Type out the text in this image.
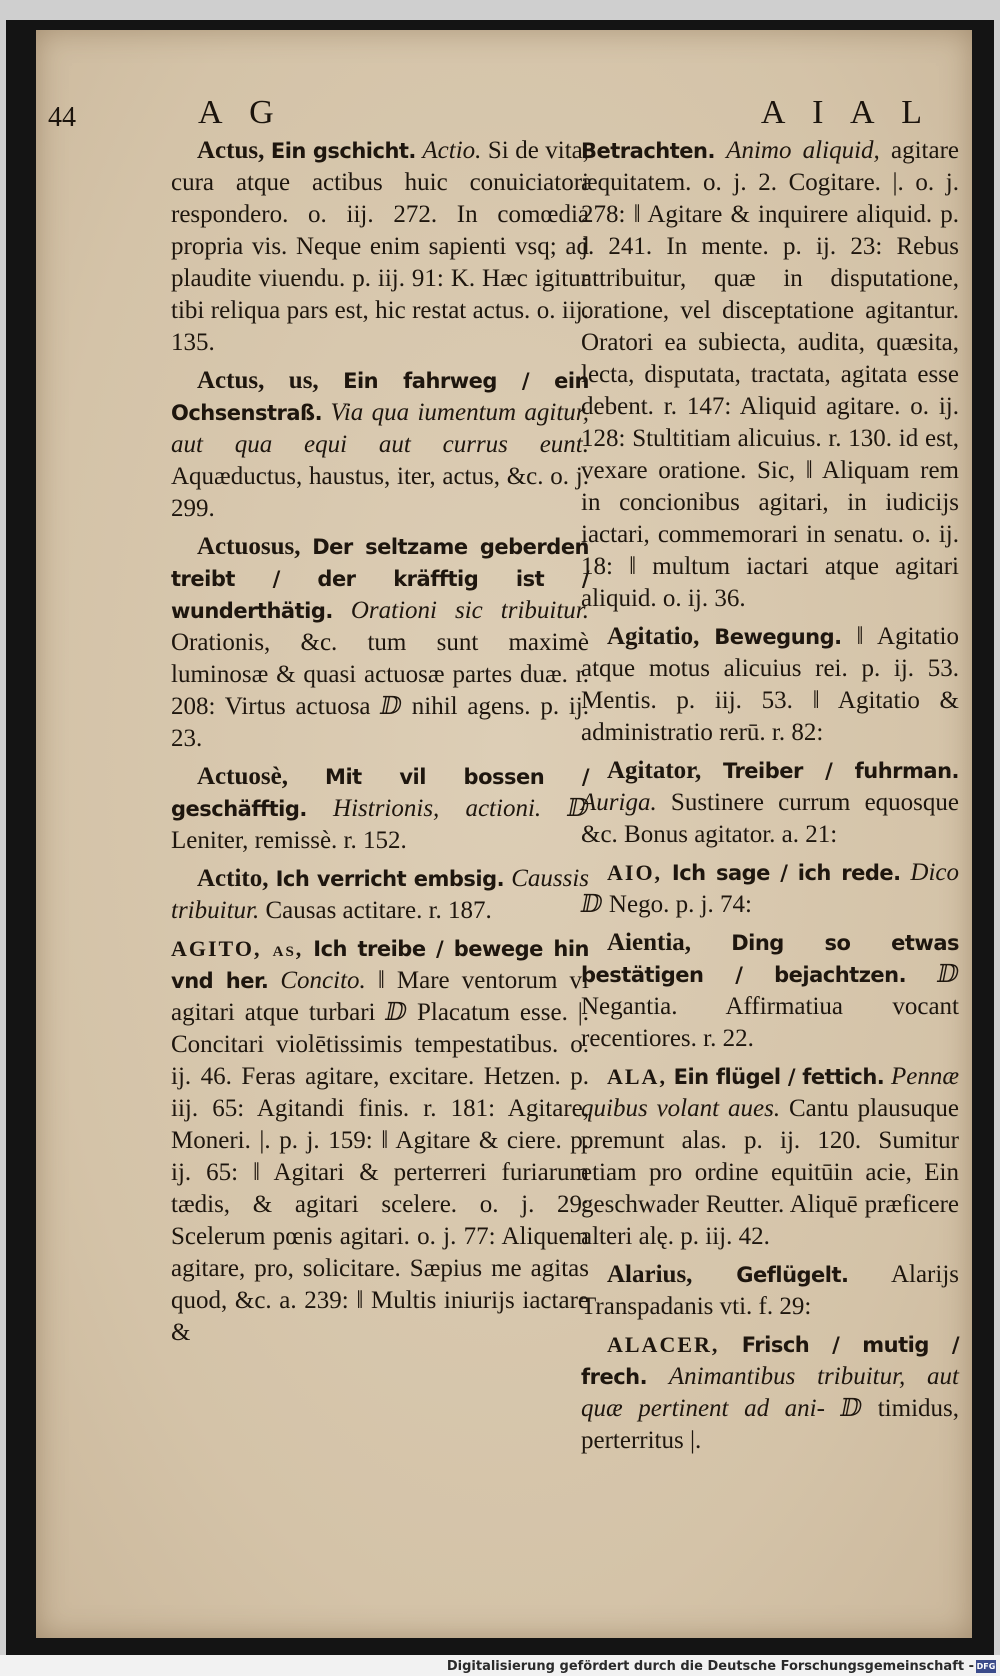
44	A G	A I A L

Actus, Ein gschicht. Actio. Si de vita, cura atque actibus huic conuiciatori respondero. o. iij. 272. In comœdia propria vis. Neque enim sapienti vsq; ad plaudite viuendu. p. iij. 91: K. Hæc igitur tibi reliqua pars est, hic restat actus. o. iij. 135.

Actus, us, Ein fahrweg / ein Ochsenstraß. Via qua iumentum agitur, aut qua equi aut currus eunt. Aquæductus, haustus, iter, actus, &c. o. j. 299.

Actuosus, Der seltzame geberden treibt / der kräfftig ist / wunderthätig. Orationi sic tribuitur. Orationis, &c. tum sunt maximè luminosæ & quasi actuosæ partes duæ. r. 208: Virtus actuosa ⅅ nihil agens. p. ij. 23.

Actuosè, Mit vil bossen / geschäfftig. Histrionis, actioni. ⅅ Leniter, remissè. r. 152.

Actito, Ich verricht embsig. Caussis tribuitur. Causas actitare. r. 187.

AGITO, as, Ich treibe / bewege hin vnd her. Concito. ‖ Mare ventorum vi agitari atque turbari ⅅ Placatum esse. |. Concitari violētissimis tempestatibus. o. ij. 46. Feras agitare, excitare. Hetzen. p. iij. 65: Agitandi finis. r. 181: Agitare, Moneri. |. p. j. 159: ‖ Agitare & ciere. p. ij. 65: ‖ Agitari & perterreri furiarum tædis, & agitari scelere. o. j. 29: Scelerum pœnis agitari. o. j. 77: Aliquem agitare, pro, solicitare. Sæpius me agitas quod, &c. a. 239: ‖ Multis iniurijs iactare &

Betrachten. Animo aliquid, agitare æquitatem. o. j. 2. Cogitare. |. o. j. 278: ‖ Agitare & inquirere aliquid. p. j. 241. In mente. p. ij. 23: Rebus attribuitur, quæ in disputatione, oratione, vel disceptatione agitantur. Oratori ea subiecta, audita, quæsita, lecta, disputata, tractata, agitata esse debent. r. 147: Aliquid agitare. o. ij. 128: Stultitiam alicuius. r. 130. id est, vexare oratione. Sic, ‖ Aliquam rem in concionibus agitari, in iudicijs iactari, commemorari in senatu. o. ij. 18: ‖ multum iactari atque agitari aliquid. o. ij. 36.

Agitatio, Bewegung. ‖ Agitatio atque motus alicuius rei. p. ij. 53. Mentis. p. iij. 53. ‖ Agitatio & administratio rerū. r. 82:

Agitator, Treiber / fuhrman. Auriga. Sustinere currum equosque &c. Bonus agitator. a. 21:

AIO, Ich sage / ich rede. Dico ⅅ Nego. p. j. 74:

Aientia, Ding so etwas bestätigen / bejachtzen. ⅅ Negantia. Affirmatiua vocant recentiores. r. 22.

ALA, Ein flügel / fettich. Pennæ quibus volant aues. Cantu plausuque premunt alas. p. ij. 120. Sumitur etiam pro ordine equitūin acie, Ein geschwader Reutter. Aliquē præficere alteri alę. p. iij. 42.

Alarius, Geflügelt. Alarijs Transpadanis vti. f. 29:

ALACER, Frisch / mutig / frech. Animantibus tribuitur, aut quæ pertinent ad ani- ⅅ timidus, perterritus |.

Digitalisierung gefördert durch die Deutsche Forschungsgemeinschaft - DFG
